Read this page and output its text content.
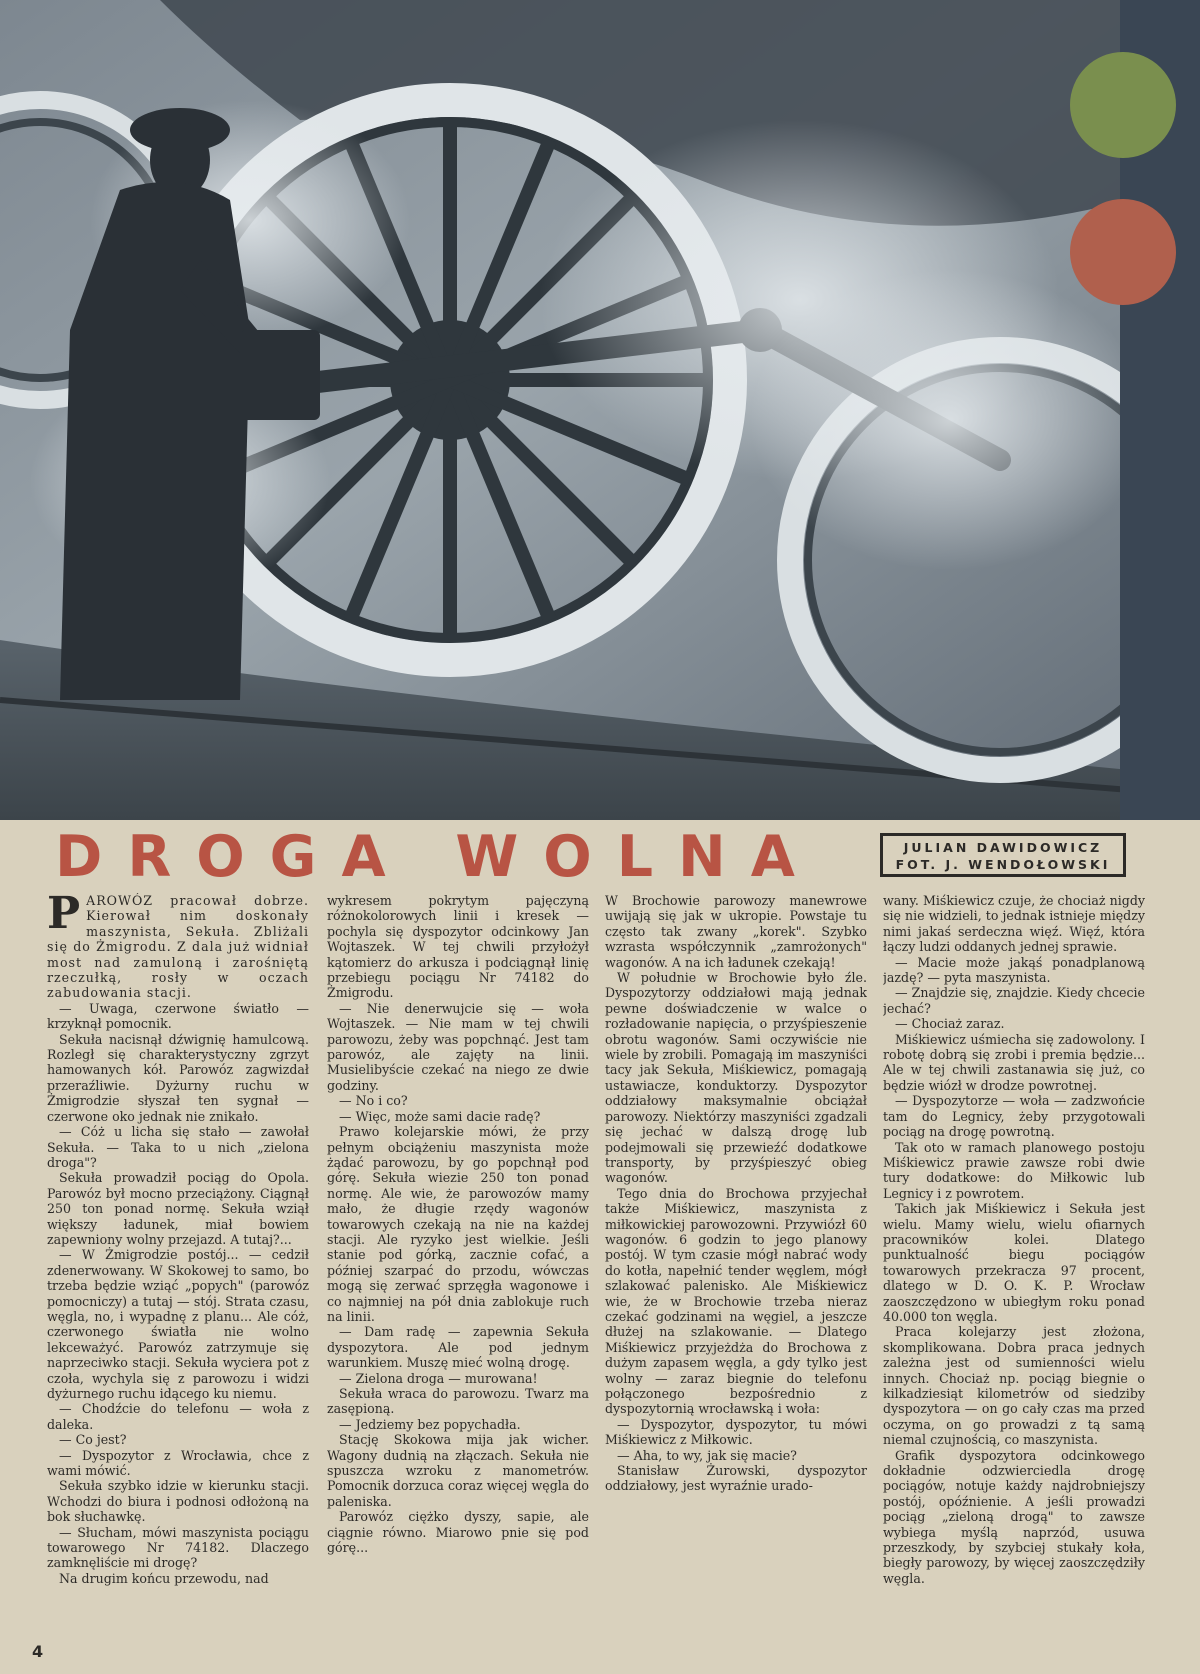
DROGA WOLNA	JULIAN DAWIDOWICZ
FOT. J. WENDOŁOWSKI

PAROWÓZ pracował dobrze. Kierował nim doskonały maszynista, Sekuła. Zbliżali się do Żmigrodu. Z dala już widniał most nad zamuloną i zarośniętą rzeczułką, rosły w oczach zabudowania stacji.

— Uwaga, czerwone światło — krzyknął pomocnik.

Sekuła nacisnął dźwignię hamulcową. Rozległ się charakterystyczny zgrzyt hamowanych kół. Parowóz zagwizdał przeraźliwie. Dyżurny ruchu w Żmigrodzie słyszał ten sygnał — czerwone oko jednak nie znikało.

— Cóż u licha się stało — zawołał Sekuła. — Taka to u nich „zielona droga"?

Sekuła prowadził pociąg do Opola. Parowóz był mocno przeciążony. Ciągnął 250 ton ponad normę. Sekuła wziął większy ładunek, miał bowiem zapewniony wolny przejazd. A tutaj?...

— W Żmigrodzie postój... — cedził zdenerwowany. W Skokowej to samo, bo trzeba będzie wziąć „popych" (parowóz pomocniczy) a tutaj — stój. Strata czasu, węgla, no, i wypadnę z planu... Ale cóż, czerwonego światła nie wolno lekceważyć. Parowóz zatrzymuje się naprzeciwko stacji. Sekuła wyciera pot z czoła, wychyla się z parowozu i widzi dyżurnego ruchu idącego ku niemu.

— Chodźcie do telefonu — woła z daleka.

— Co jest?

— Dyspozytor z Wrocławia, chce z wami mówić.

Sekuła szybko idzie w kierunku stacji. Wchodzi do biura i podnosi odłożoną na bok słuchawkę.

— Słucham, mówi maszynista pociągu towarowego Nr 74182. Dlaczego zamknęliście mi drogę?

Na drugim końcu przewodu, nad

wykresem pokrytym pajęczyną różnokolorowych linii i kresek — pochyla się dyspozytor odcinkowy Jan Wojtaszek. W tej chwili przyłożył kątomierz do arkusza i podciągnął linię przebiegu pociągu Nr 74182 do Żmigrodu.

— Nie denerwujcie się — woła Wojtaszek. — Nie mam w tej chwili parowozu, żeby was popchnąć. Jest tam parowóz, ale zajęty na linii. Musielibyście czekać na niego ze dwie godziny.

— No i co?

— Więc, może sami dacie radę?

Prawo kolejarskie mówi, że przy pełnym obciążeniu maszynista może żądać parowozu, by go popchnął pod górę. Sekuła wiezie 250 ton ponad normę. Ale wie, że parowozów mamy mało, że długie rzędy wagonów towarowych czekają na nie na każdej stacji. Ale ryzyko jest wielkie. Jeśli stanie pod górką, zacznie cofać, a później szarpać do przodu, wówczas mogą się zerwać sprzęgła wagonowe i co najmniej na pół dnia zablokuje ruch na linii.

— Dam radę — zapewnia Sekuła dyspozytora. Ale pod jednym warunkiem. Muszę mieć wolną drogę.

— Zielona droga — murowana!

Sekuła wraca do parowozu. Twarz ma zasępioną.

— Jedziemy bez popychadła.

Stację Skokowa mija jak wicher. Wagony dudnią na złączach. Sekuła nie spuszcza wzroku z manometrów. Pomocnik dorzuca coraz więcej węgla do paleniska.

Parowóz ciężko dyszy, sapie, ale ciągnie równo. Miarowo pnie się pod górę...

W Brochowie parowozy manewrowe uwijają się jak w ukropie. Powstaje tu często tak zwany „korek". Szybko wzrasta współczynnik „zamrożonych" wagonów. A na ich ładunek czekają!

W południe w Brochowie było źle. Dyspozytorzy oddziałowi mają jednak pewne doświadczenie w walce o rozładowanie napięcia, o przyśpieszenie obrotu wagonów. Sami oczywiście nie wiele by zrobili. Pomagają im maszyniści tacy jak Sekuła, Miśkiewicz, pomagają ustawiacze, konduktorzy. Dyspozytor oddziałowy maksymalnie obciążał parowozy. Niektórzy maszyniści zgadzali się jechać w dalszą drogę lub podejmowali się przewieźć dodatkowe transporty, by przyśpieszyć obieg wagonów.

Tego dnia do Brochowa przyjechał także Miśkiewicz, maszynista z miłkowickiej parowozowni. Przywiózł 60 wagonów. 6 godzin to jego planowy postój. W tym czasie mógł nabrać wody do kotła, napełnić tender węglem, mógł szlakować palenisko. Ale Miśkiewicz wie, że w Brochowie trzeba nieraz czekać godzinami na węgiel, a jeszcze dłużej na szlakowanie. — Dlatego Miśkiewicz przyjeżdża do Brochowa z dużym zapasem węgla, a gdy tylko jest wolny — zaraz biegnie do telefonu połączonego bezpośrednio z dyspozytornią wrocławską i woła:

— Dyspozytor, dyspozytor, tu mówi Miśkiewicz z Miłkowic.

— Aha, to wy, jak się macie?

Stanisław Żurowski, dyspozytor oddziałowy, jest wyraźnie urado-

wany. Miśkiewicz czuje, że chociaż nigdy się nie widzieli, to jednak istnieje między nimi jakaś serdeczna więź. Więź, która łączy ludzi oddanych jednej sprawie.

— Macie może jakąś ponadplanową jazdę? — pyta maszynista.

— Znajdzie się, znajdzie. Kiedy chcecie jechać?

— Chociaż zaraz.

Miśkiewicz uśmiecha się zadowolony. I robotę dobrą się zrobi i premia będzie... Ale w tej chwili zastanawia się już, co będzie wiózł w drodze powrotnej.

— Dyspozytorze — woła — zadzwońcie tam do Legnicy, żeby przygotowali pociąg na drogę powrotną.

Tak oto w ramach planowego postoju Miśkiewicz prawie zawsze robi dwie tury dodatkowe: do Miłkowic lub Legnicy i z powrotem.

Takich jak Miśkiewicz i Sekuła jest wielu. Mamy wielu, wielu ofiarnych pracowników kolei. Dlatego punktualność biegu pociągów towarowych przekracza 97 procent, dlatego w D. O. K. P. Wrocław zaoszczędzono w ubiegłym roku ponad 40.000 ton węgla.

Praca kolejarzy jest złożona, skomplikowana. Dobra praca jednych zależna jest od sumienności wielu innych. Chociaż np. pociąg biegnie o kilkadziesiąt kilometrów od siedziby dyspozytora — on go cały czas ma przed oczyma, on go prowadzi z tą samą niemal czujnością, co maszynista.

Grafik dyspozytora odcinkowego dokładnie odzwierciedla drogę pociągów, notuje każdy najdrobniejszy postój, opóźnienie. A jeśli prowadzi pociąg „zieloną drogą" to zawsze wybiega myślą naprzód, usuwa przeszkody, by szybciej stukały koła, biegły parowozy, by więcej zaoszczędziły węgla.

4
